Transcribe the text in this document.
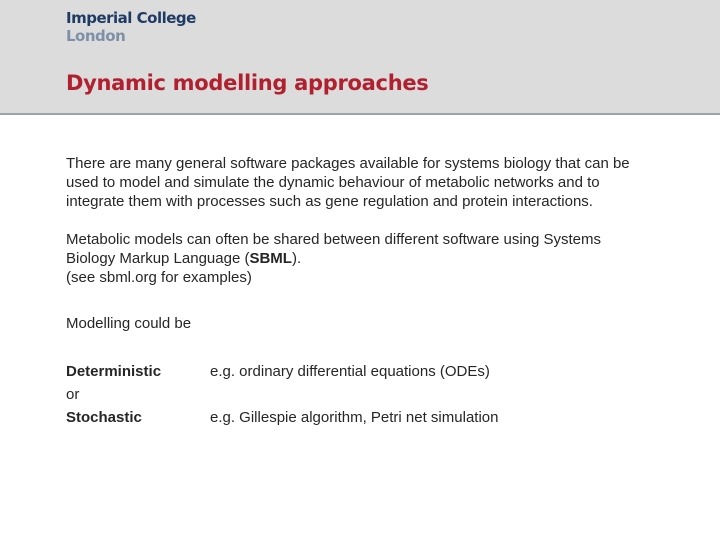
Imperial College
London
Dynamic modelling approaches

There are many general software packages available for systems biology that can be used to model and simulate the dynamic behaviour of metabolic networks and to integrate them with processes such as gene regulation and protein interactions.

Metabolic models can often be shared between different software using Systems Biology Markup Language (SBML).

(see sbml.org for examples)

Modelling could be

Deterministic	e.g. ordinary differential equations (ODEs)
or
Stochastic	e.g. Gillespie algorithm, Petri net simulation
